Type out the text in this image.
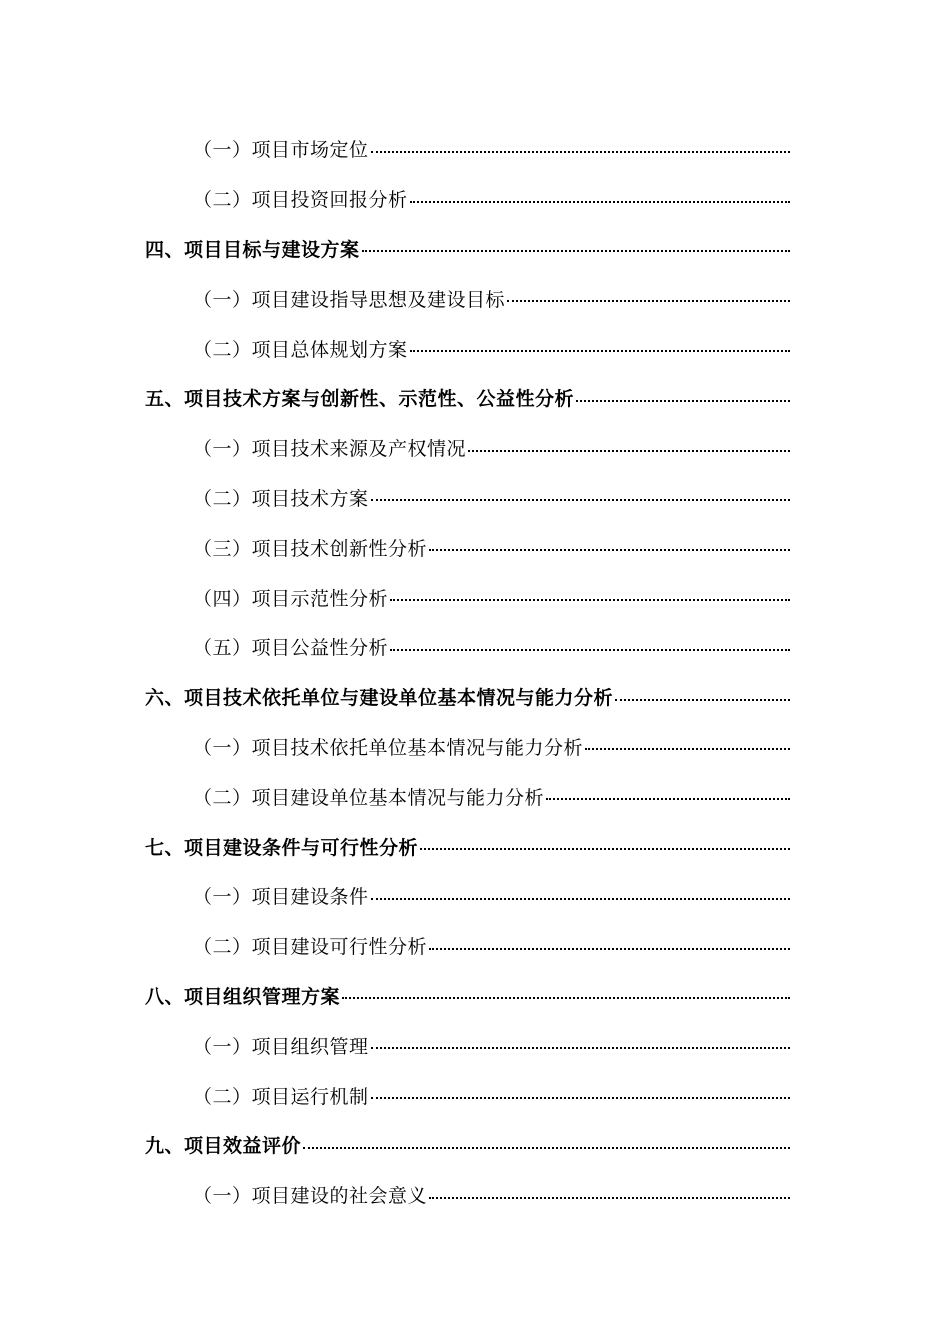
（一）项目市场定位
（二）项目投资回报分析
四、项目目标与建设方案
（一）项目建设指导思想及建设目标
（二）项目总体规划方案
五、项目技术方案与创新性、示范性、公益性分析
（一）项目技术来源及产权情况
（二）项目技术方案
（三）项目技术创新性分析
（四）项目示范性分析
（五）项目公益性分析
六、项目技术依托单位与建设单位基本情况与能力分析
（一）项目技术依托单位基本情况与能力分析
（二）项目建设单位基本情况与能力分析
七、项目建设条件与可行性分析
（一）项目建设条件
（二）项目建设可行性分析
八、项目组织管理方案
（一）项目组织管理
（二）项目运行机制
九、项目效益评价
（一）项目建设的社会意义
